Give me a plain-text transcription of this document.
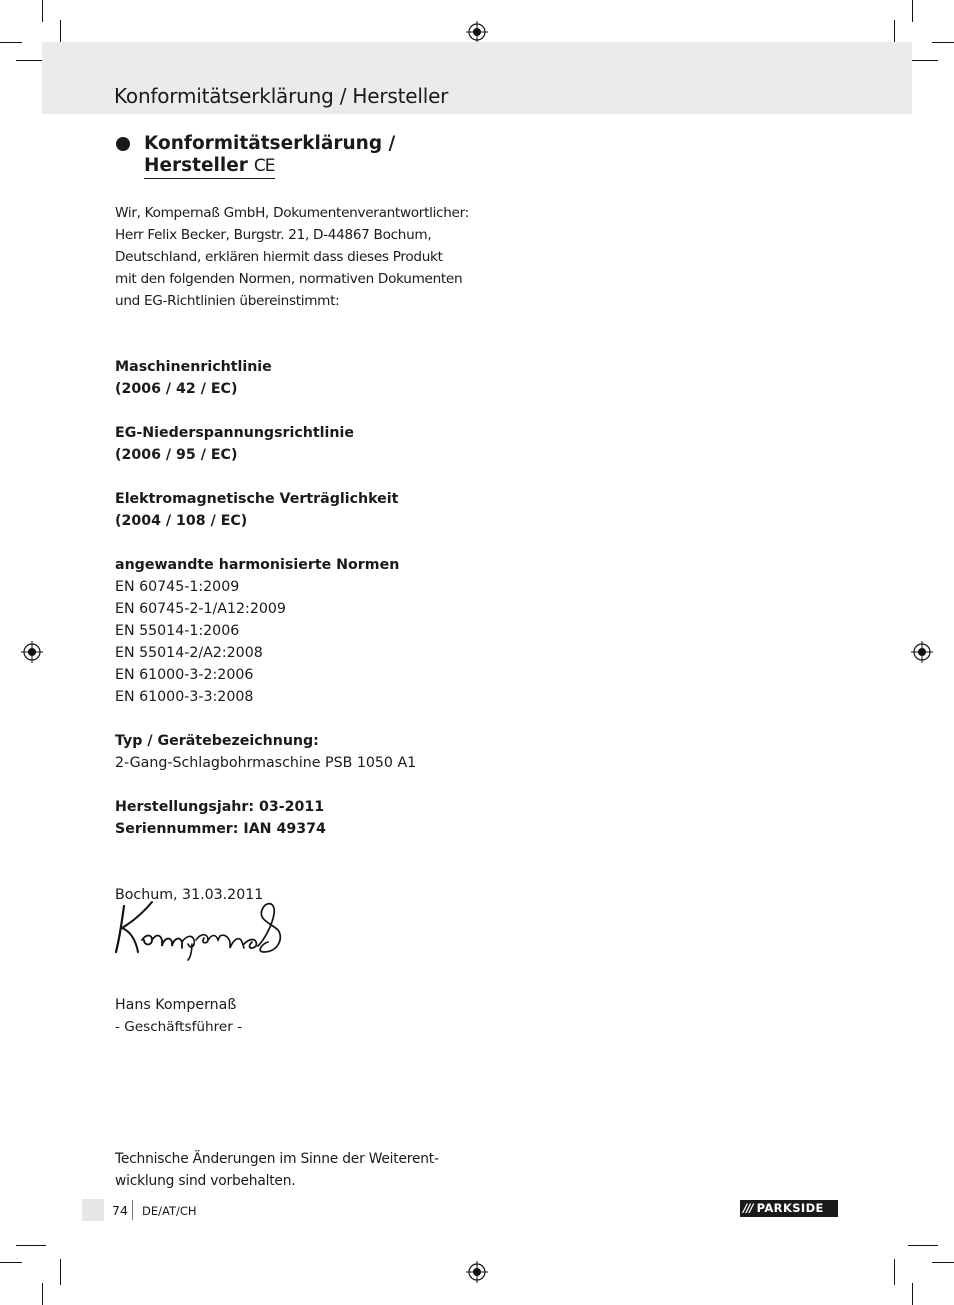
Konformitätserklärung / Hersteller
Konformitätserklärung /
Hersteller CE

Wir, Kompernaß GmbH, Dokumentenverantwortlicher:

Herr Felix Becker, Burgstr. 21, D-44867 Bochum,

Deutschland, erklären hiermit dass dieses Produkt

mit den folgenden Normen, normativen Dokumenten

und EG-Richtlinien übereinstimmt:

Maschinenrichtlinie

(2006 / 42 / EC)

EG-Niederspannungsrichtlinie

(2006 / 95 / EC)

Elektromagnetische Verträglichkeit

(2004 / 108 / EC)

angewandte harmonisierte Normen

EN 60745-1:2009

EN 60745-2-1/A12:2009

EN 55014-1:2006

EN 55014-2/A2:2008

EN 61000-3-2:2006

EN 61000-3-3:2008

Typ / Gerätebezeichnung:

2-Gang-Schlagbohrmaschine PSB 1050 A1

Herstellungsjahr: 03-2011

Seriennummer: IAN 49374

Bochum, 31.03.2011

Hans Kompernaß

- Geschäftsführer -

Technische Änderungen im Sinne der Weiterent-

wicklung sind vorbehalten.

74 DE/AT/CH	/// PARKSIDE
